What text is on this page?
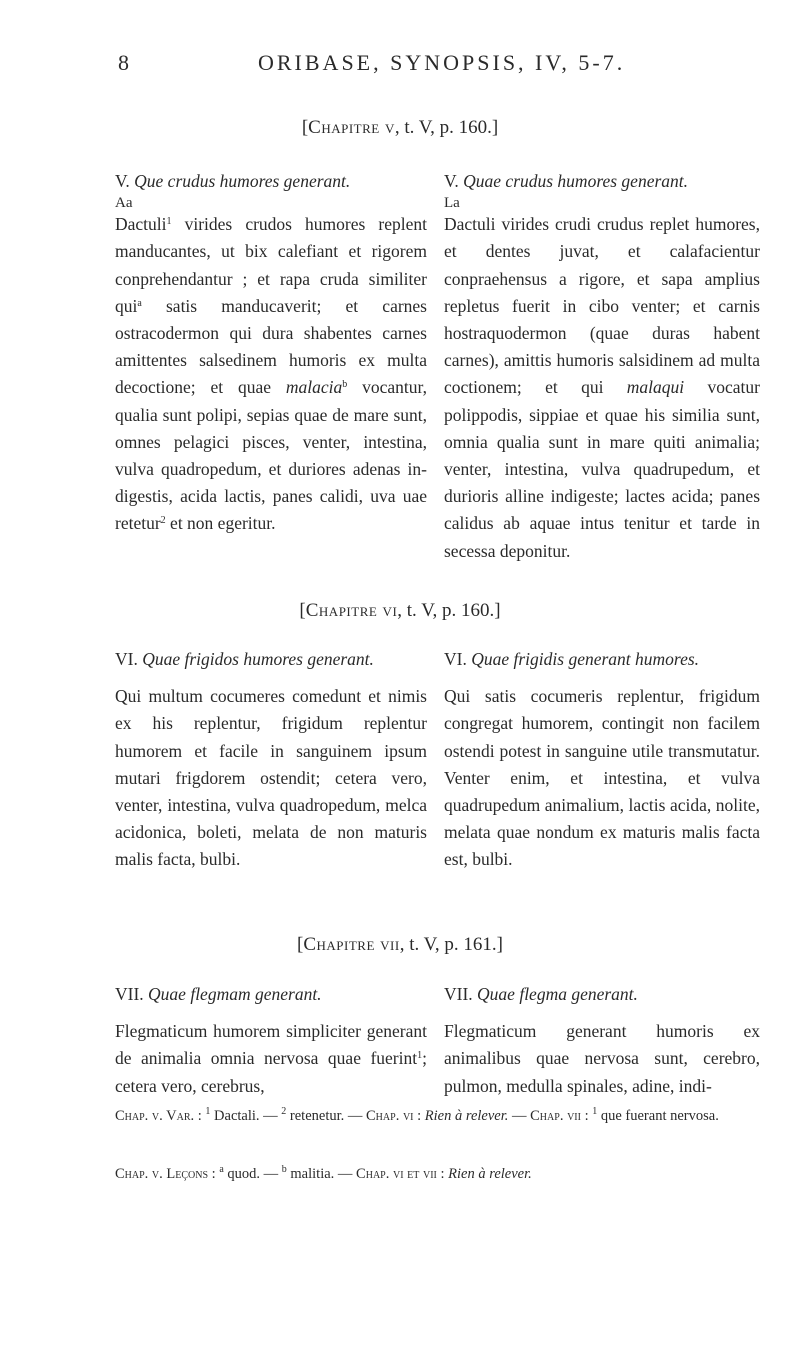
8	ORIBASE, SYNOPSIS, IV, 5-7.
[Chapitre v, t. V, p. 160.]

V. Que crudus humores generant.

Aa

Dactuli$^1$ virides crudos humores replent manducantes, ut bix calefiant et rigorem conprehendantur ; et rapa cruda similiter qui$^a$ satis manducaverit; et carnes ostracodermon qui dura shabentes carnes amittentes salsedinem humoris ex multa decoctione; et quae malacia$^b$ vocantur, qualia sunt polipi, sepias quae de mare sunt, omnes pelagici pisces, venter, intestina, vulva quadropedum, et duriores adenas indigestis, acida lactis, panes calidi, uva uae retetur$^2$ et non egeritur.

V. Quae crudus humores generant.

La

Dactuli virides crudi crudus replet humores, et dentes juvat, et calafacientur conpraehensus a rigore, et sapa amplius repletus fuerit in cibo venter; et carnis hostraquodermon (quae duras habent carnes), amittis humoris salsidinem ad multa coctionem; et qui malaqui vocatur polippodis, sippiae et quae his similia sunt, omnia qualia sunt in mare quiti animalia; venter, intestina, vulva quadrupedum, et durioris alline indigeste; lactes acida; panes calidus ab aquae intus tenitur et tarde in secessa deponitur.

[Chapitre vi, t. V, p. 160.]

VI. Quae frigidos humores generant.

Qui multum cocumeres comedunt et nimis ex his replentur, frigidum replentur humorem et facile in sanguinem ipsum mutari frigdorem ostendit; cetera vero, venter, intestina, vulva quadropedum, melca acidonica, boleti, melata de non maturis malis facta, bulbi.

VI. Quae frigidis generant humores.

Qui satis cocumeris replentur, frigidum congregat humorem, contingit non facilem ostendi potest in sanguine utile transmutatur. Venter enim, et intestina, et vulva quadrupedum animalium, lactis acida, nolite, melata quae nondum ex maturis malis facta est, bulbi.

[Chapitre vii, t. V, p. 161.]

VII. Quae flegmam generant.

Flegmaticum humorem simpliciter generant de animalia omnia nervosa quae fuerint$^1$; cetera vero, cerebrus,

VII. Quae flegma generant.

Flegmaticum generant humoris ex animalibus quae nervosa sunt, cerebro, pulmon, medulla spinales, adine, indi-

Chap. v. Var. : $^1$ Dactali. — $^2$ retenetur. — Chap. vi : Rien à relever. — Chap. vii : $^1$ que fuerant nervosa.
Chap. v. Leçons : $^a$ quod. — $^b$ malitia. — Chap. vi et vii : Rien à relever.
